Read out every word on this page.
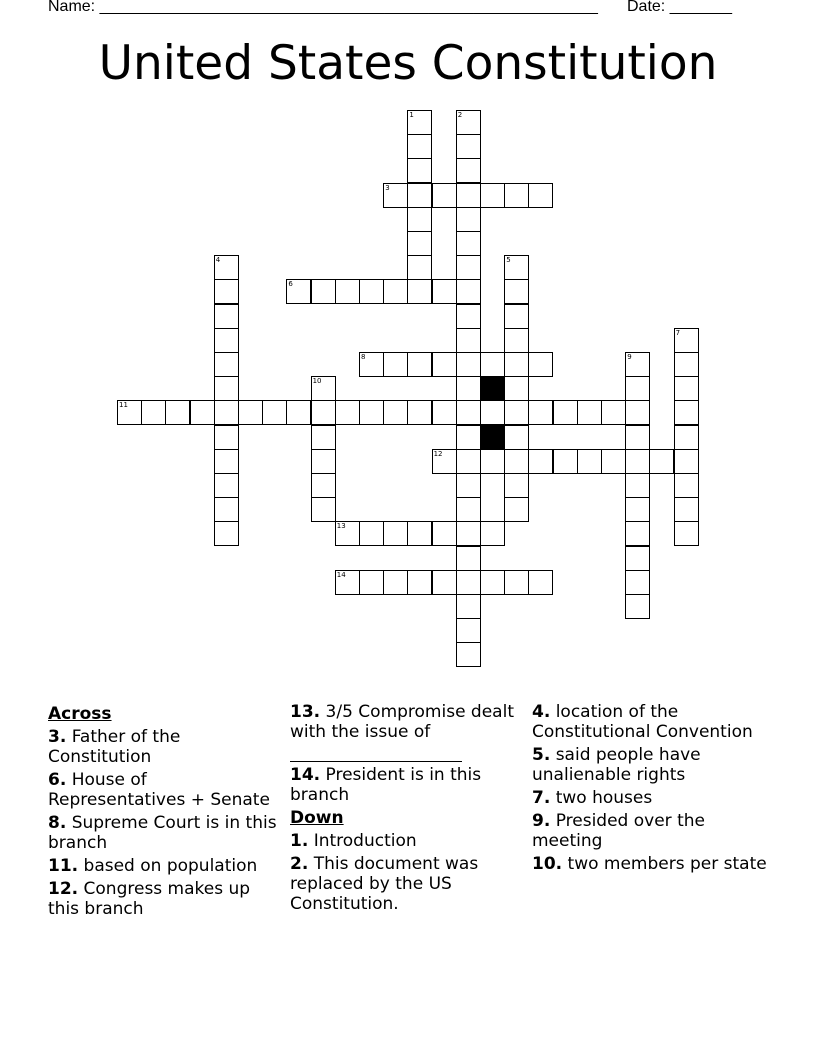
Name: ________________________________________________________ Date: _______
United States Constitution
1	2
3
4	5
6
7
8	9
10
11
12
13
14
Across
3. Father of the Constitution
6. House of Representatives + Senate
8. Supreme Court is in this branch
11. based on population
12. Congress makes up this branch
13. 3/5 Compromise dealt with the issue of

14. President is in this branch
Down
1. Introduction
2. This document was replaced by the US Constitution.
4. location of the Constitutional Convention
5. said people have unalienable rights
7. two houses
9. Presided over the meeting
10. two members per state
